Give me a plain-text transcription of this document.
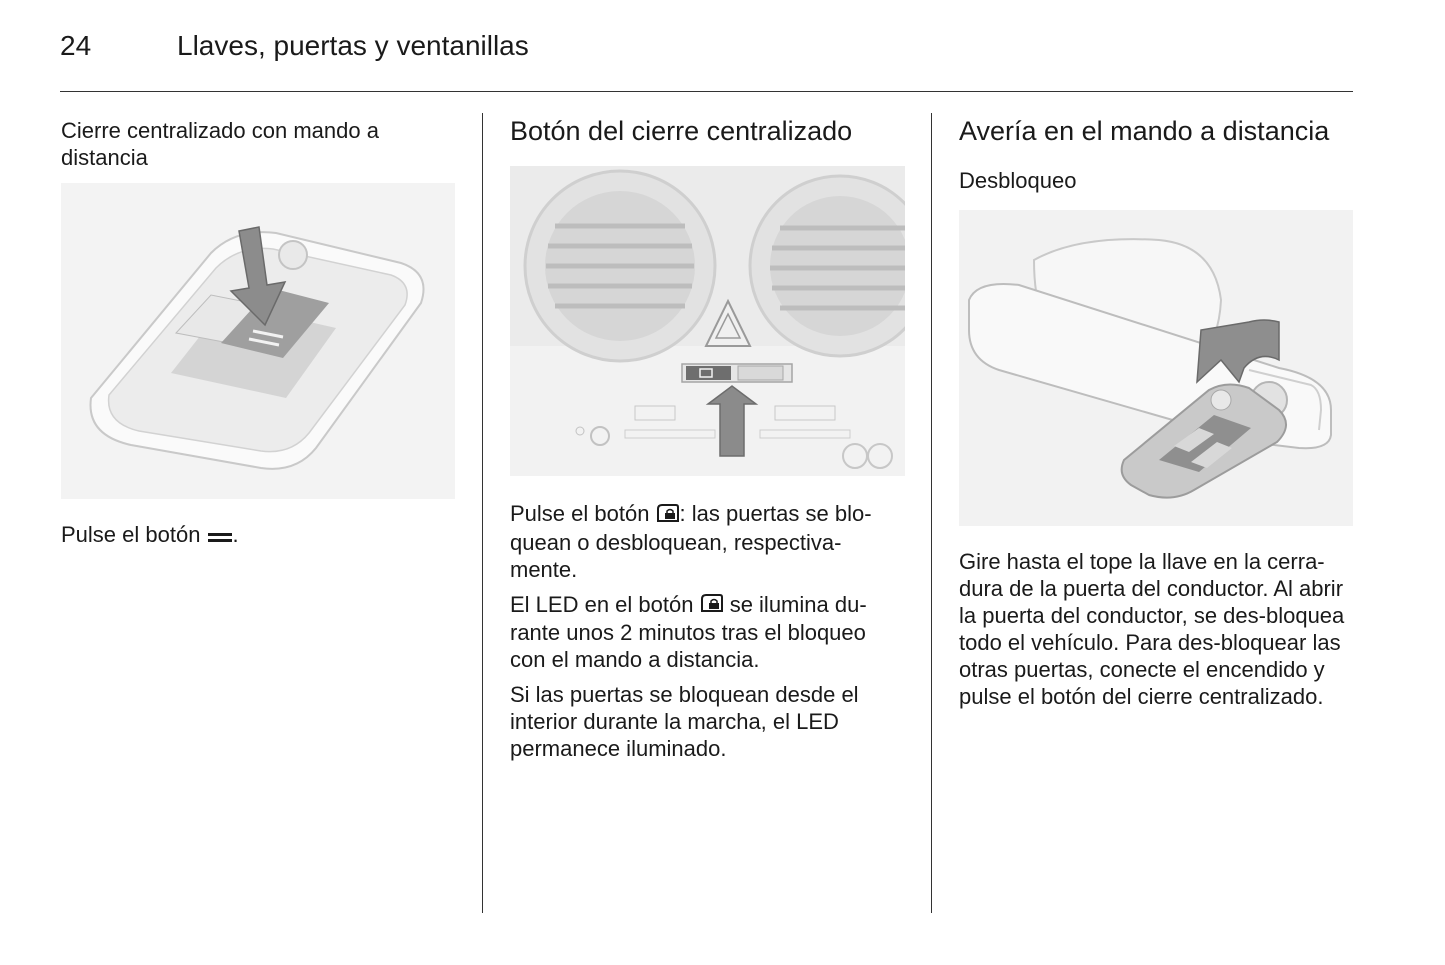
24	Llaves, puertas y ventanillas

Cierre centralizado con mando a distancia

Pulse el botón .

Botón del cierre centralizado

Pulse el botón : las puertas se blo-quean o desbloquean, respectiva-mente.

El LED en el botón  se ilumina du-rante unos 2 minutos tras el bloqueo con el mando a distancia.

Si las puertas se bloquean desde el interior durante la marcha, el LED permanece iluminado.

Avería en el mando a distancia

Desbloqueo

Gire hasta el tope la llave en la cerra-dura de la puerta del conductor. Al abrir la puerta del conductor, se des-bloquea todo el vehículo. Para des-bloquear las otras puertas, conecte el encendido y pulse el botón del cierre centralizado.
